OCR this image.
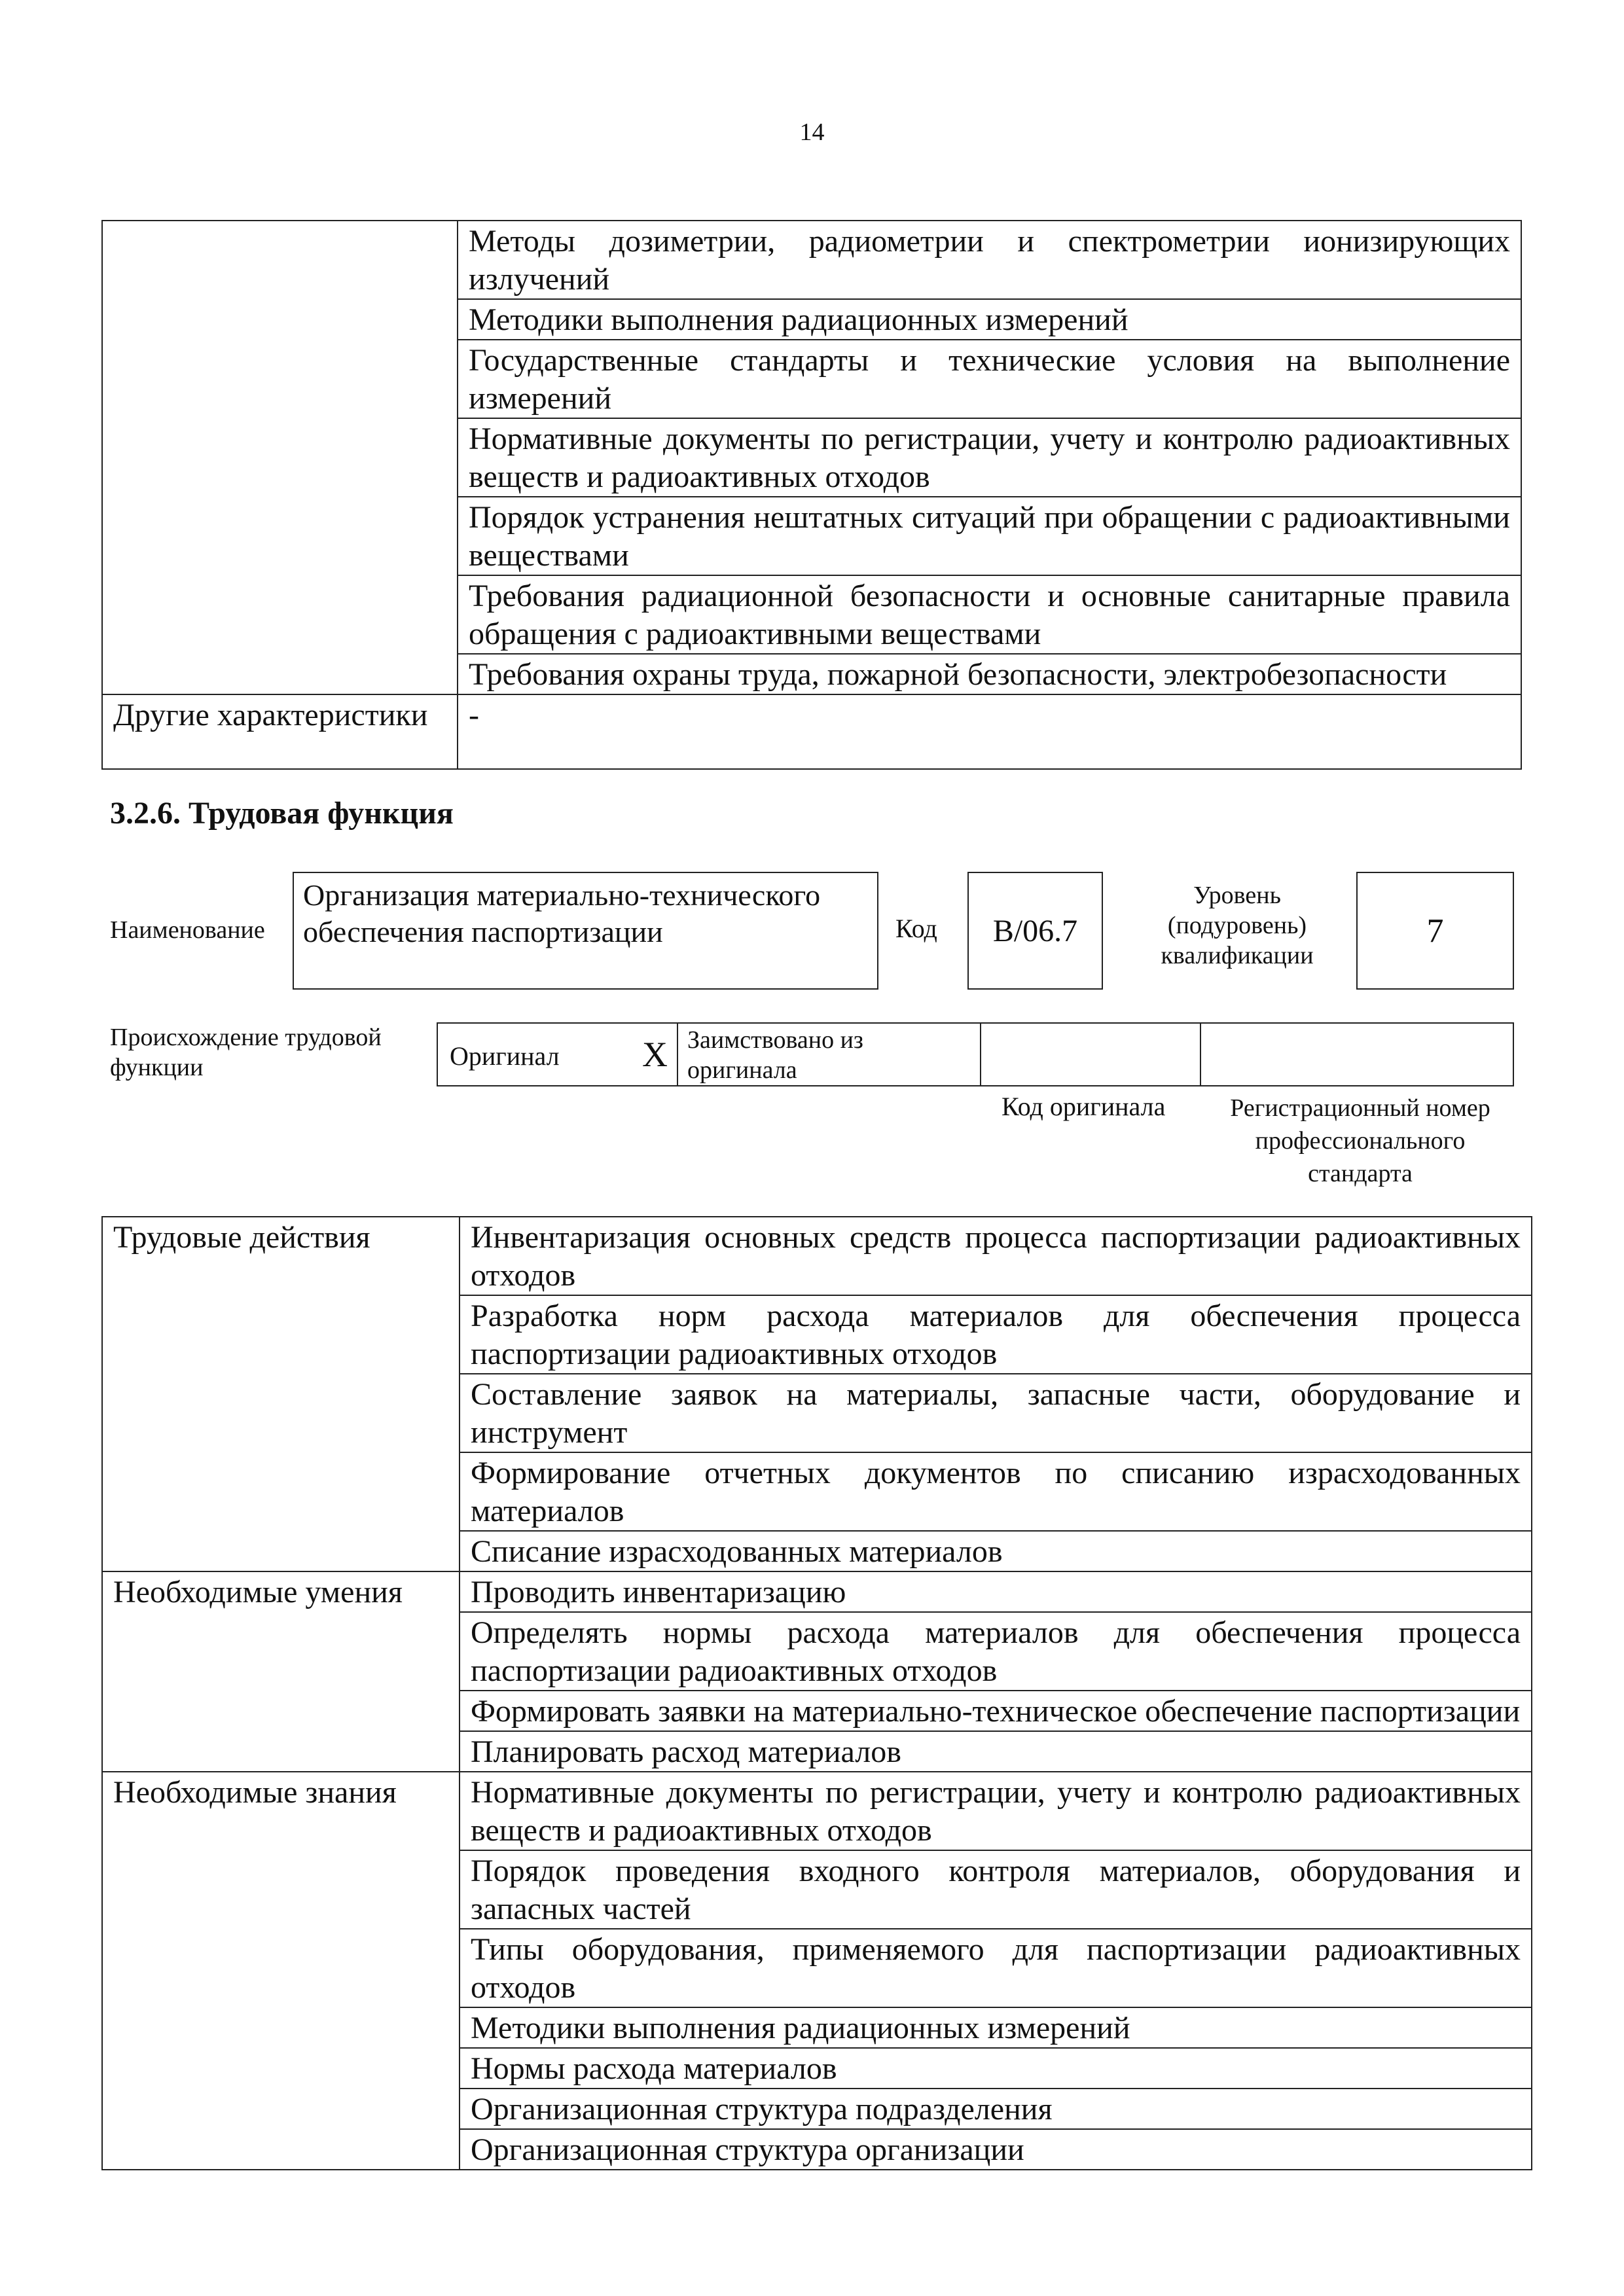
14
	Методы дозиметрии, радиометрии и спектрометрии ионизирующих излучений
	Методики выполнения радиационных измерений
	Государственные стандарты и технические условия на выполнение измерений
	Нормативные документы по регистрации, учету и контролю радиоактивных веществ и радиоактивных отходов
	Порядок устранения нештатных ситуаций при обращении с радиоактивными веществами
	Требования радиационной безопасности и основные санитарные правила обращения с радиоактивными веществами
	Требования охраны труда, пожарной безопасности, электробезопасности
Другие характеристики	-
3.2.6. Трудовая функция
Наименование
Организация материально-технического обеспечения паспортизации	Код	B/06.7
Уровень (подуровень) квалификации
7
Происхождение трудовой функции	Оригинал Х Заимствовано из оригинала
Код оригинала	Регистрационный номер профессионального стандарта
Трудовые действия	Инвентаризация основных средств процесса паспортизации радиоактивных отходов
	Разработка норм расхода материалов для обеспечения процесса паспортизации радиоактивных отходов
	Составление заявок на материалы, запасные части, оборудование и инструмент
	Формирование отчетных документов по списанию израсходованных материалов
	Списание израсходованных материалов
Необходимые умения	Проводить инвентаризацию
	Определять нормы расхода материалов для обеспечения процесса паспортизации радиоактивных отходов
	Формировать заявки на материально-техническое обеспечение паспортизации
	Планировать расход материалов
Необходимые знания	Нормативные документы по регистрации, учету и контролю радиоактивных веществ и радиоактивных отходов
	Порядок проведения входного контроля материалов, оборудования и запасных частей
	Типы оборудования, применяемого для паспортизации радиоактивных отходов
	Методики выполнения радиационных измерений
	Нормы расхода материалов
	Организационная структура подразделения
	Организационная структура организации
